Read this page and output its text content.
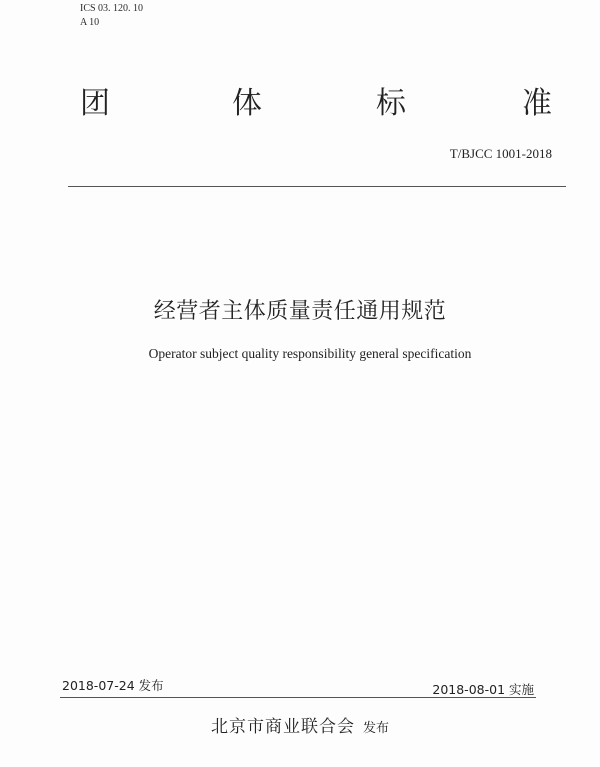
ICS 03. 120. 10
A 10
团	体	标	准
T/BJCC 1001-2018
经营者主体质量责任通用规范
Operator subject quality responsibility general specification
2018-07-24 发布	2018-08-01 实施
北京市商业联合会 发布
